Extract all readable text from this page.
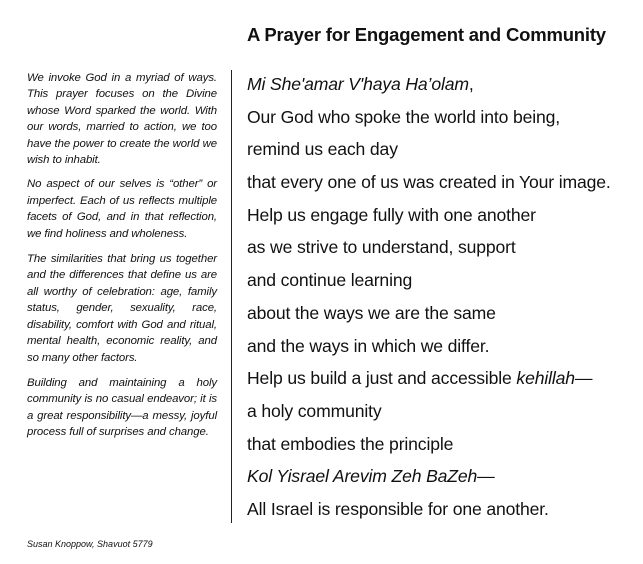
A Prayer for Engagement and Community

We invoke God in a myriad of ways. This prayer focuses on the Divine whose Word sparked the world. With our words, married to action, we too have the power to create the world we wish to inhabit.

No aspect of our selves is “other” or imperfect. Each of us reflects multiple facets of God, and in that reflection, we find holiness and wholeness.

The similarities that bring us together and the differences that define us are all worthy of celebration: age, family status, gender, sexuality, race, disability, comfort with God and ritual, mental health, economic reality, and so many other factors.

Building and maintaining a holy community is no casual endeavor; it is a great responsibility—a messy, joyful process full of surprises and change.

Susan Knoppow, Shavuot 5779
Mi She'amar V'haya Ha’olam,
Our God who spoke the world into being,
remind us each day
that every one of us was created in Your image.
Help us engage fully with one another
as we strive to understand, support
and continue learning
about the ways we are the same
and the ways in which we differ.
Help us build a just and accessible kehillah—
a holy community
that embodies the principle
Kol Yisrael Arevim Zeh BaZeh—
All Israel is responsible for one another.
